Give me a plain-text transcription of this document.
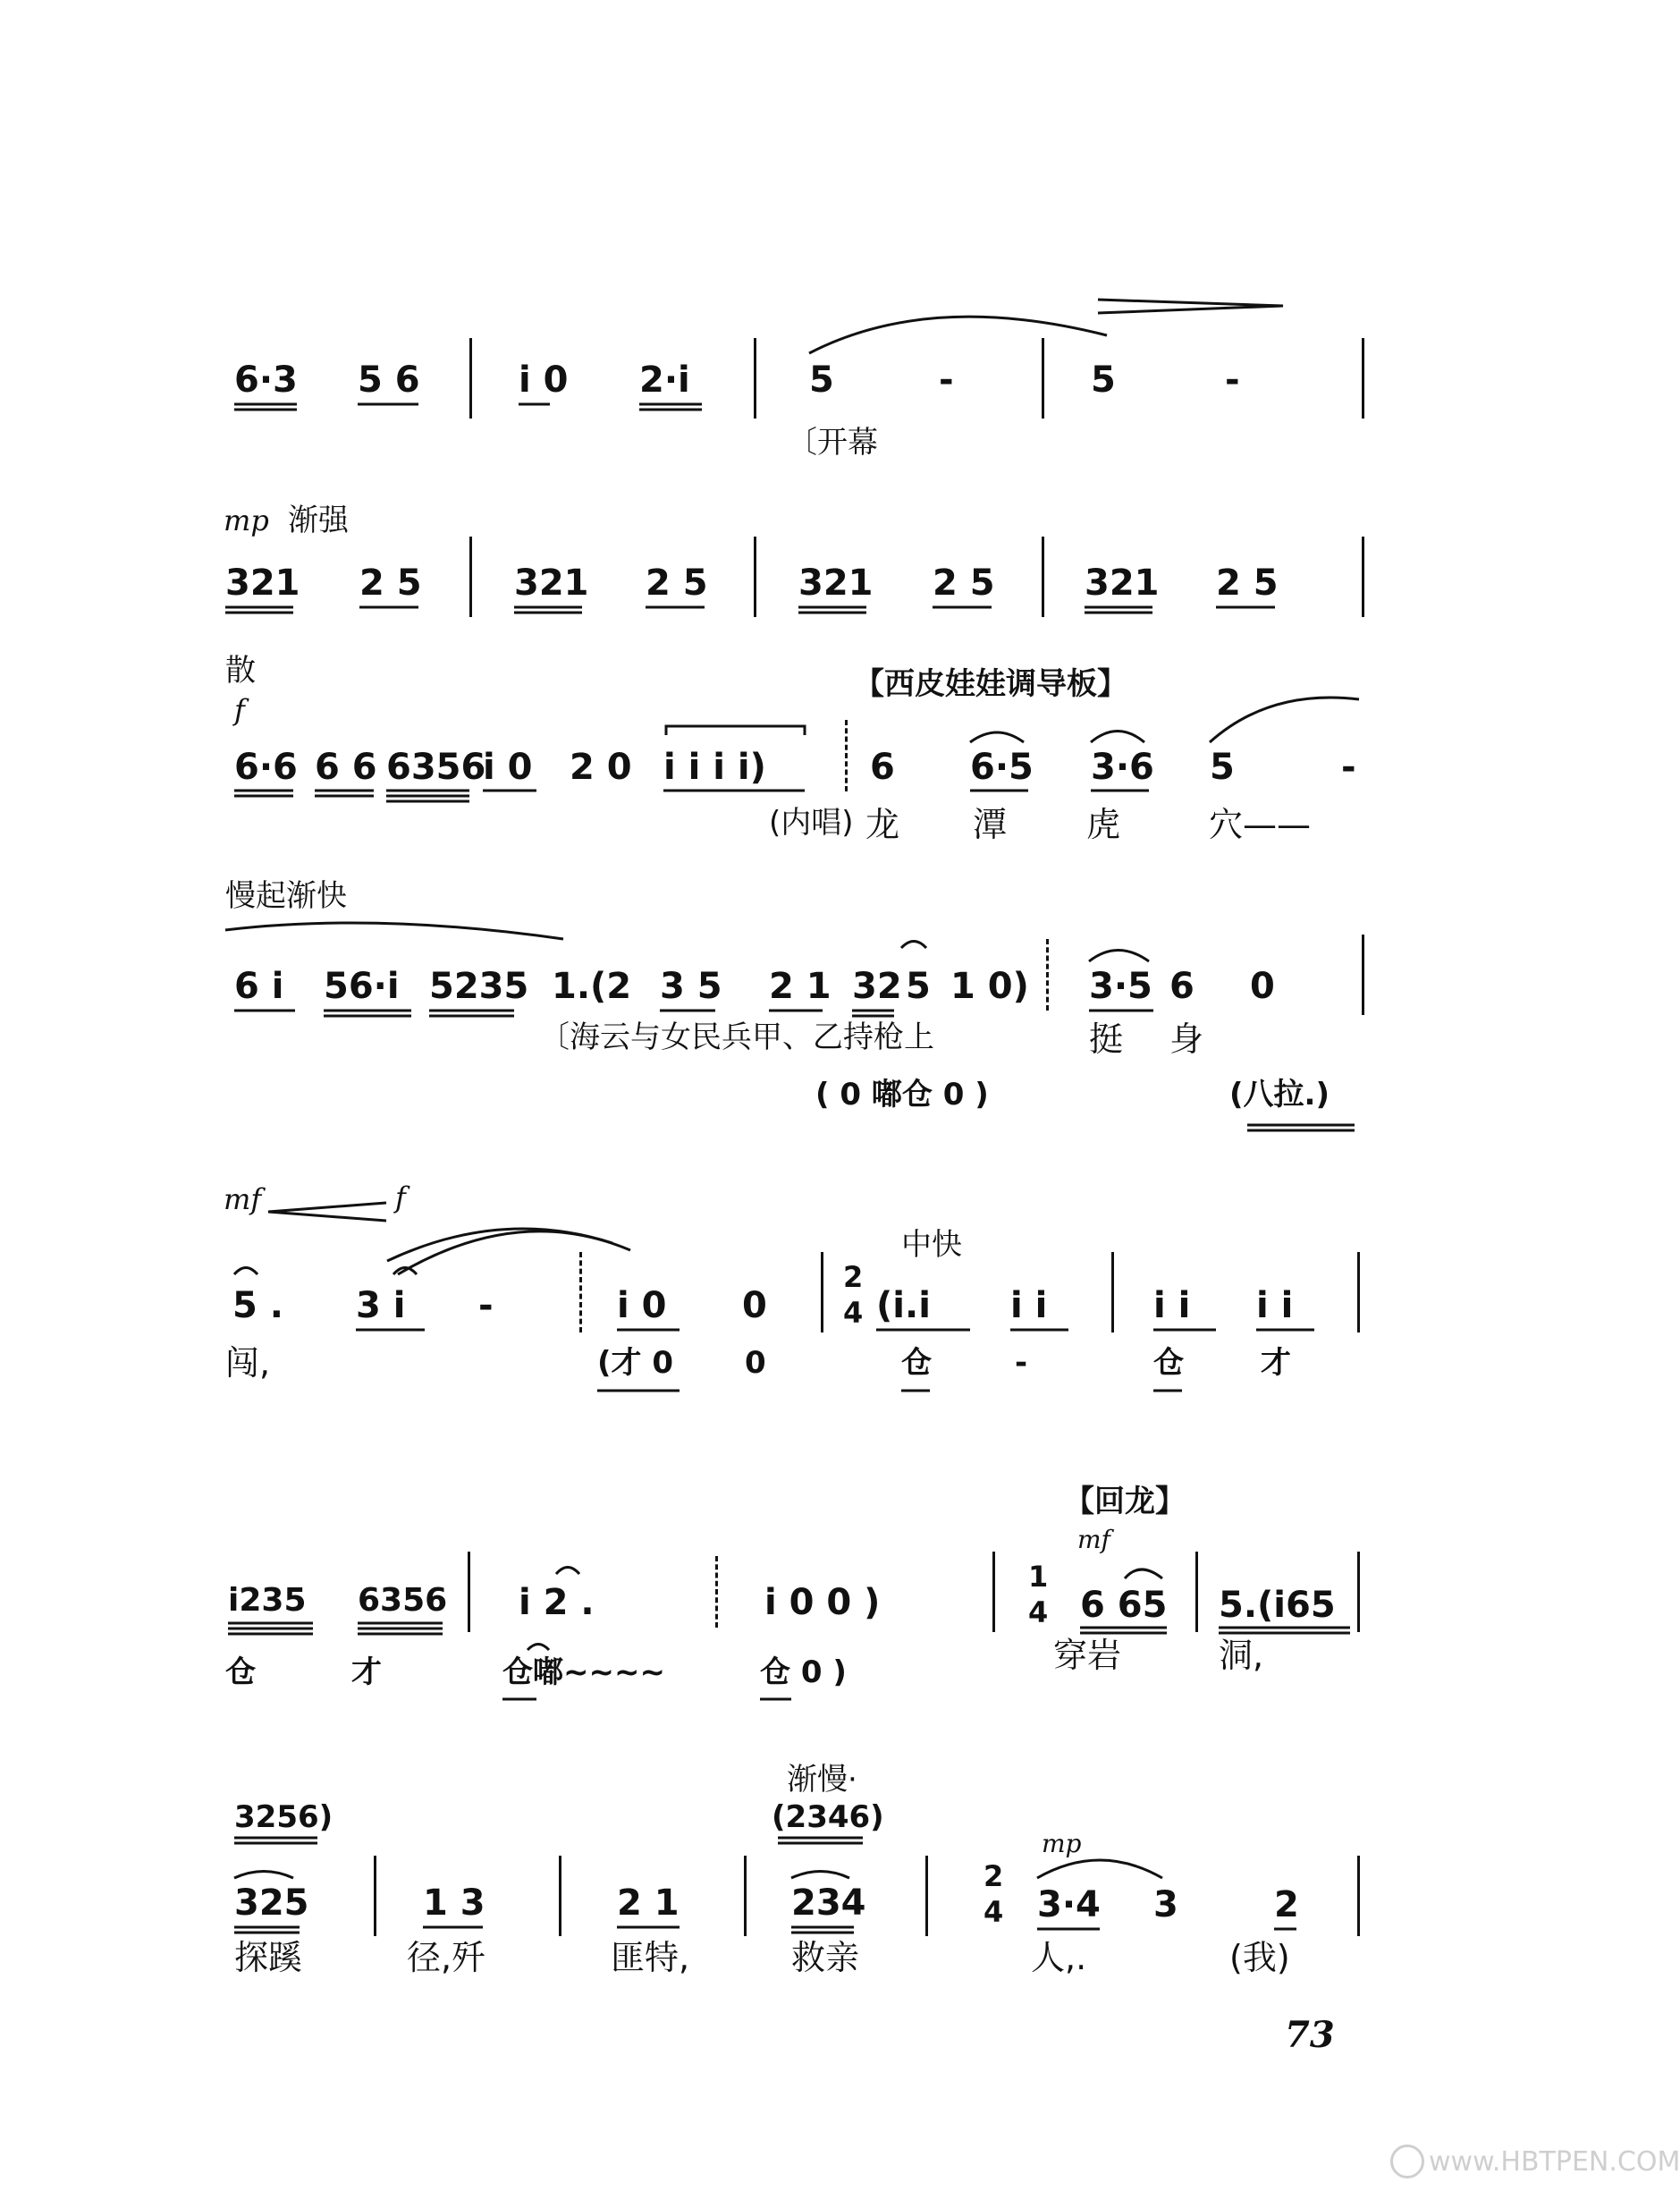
6·3 5 6	i 0 2·i	5	-	5	-
〔开幕
mp 渐强
321 2 5	321 2 5	321 2 5	321 2 5
散
f
【西皮娃娃调导板】
6·6 6 6 6356
i 0 2 0 i i i i)	6 6·5 3·6 5	-
(内唱) 龙 潭 虎	穴——
慢起渐快
6 i 56·i 5235 1.(2 3 5 2 1 32 5 1 0) 3·5 6 0
〔海云与女民兵甲、乙持枪上	挺 身
( 0 嘟仓 0 )	(八拉.)
mf	f
中快
5 . 3 i -	i 0 0
2
4 (i.i i i	i i i i
闯,	(才 0 0	仓	-	仓	才
【回龙】
mf
i235 6356 i 2 .	i 0 0 )
1
4 6 65 5.(i65
仓	才	仓嘟~~~~	仓 0 )	穿岩	洞,
3256)
渐慢·
(2346)
mp
325	1 3	2 1	234
2
4 3·4 3	2
探蹊	径,歼	匪特,	救亲	人,.	(我)
73
www.HBTPEN.COM
